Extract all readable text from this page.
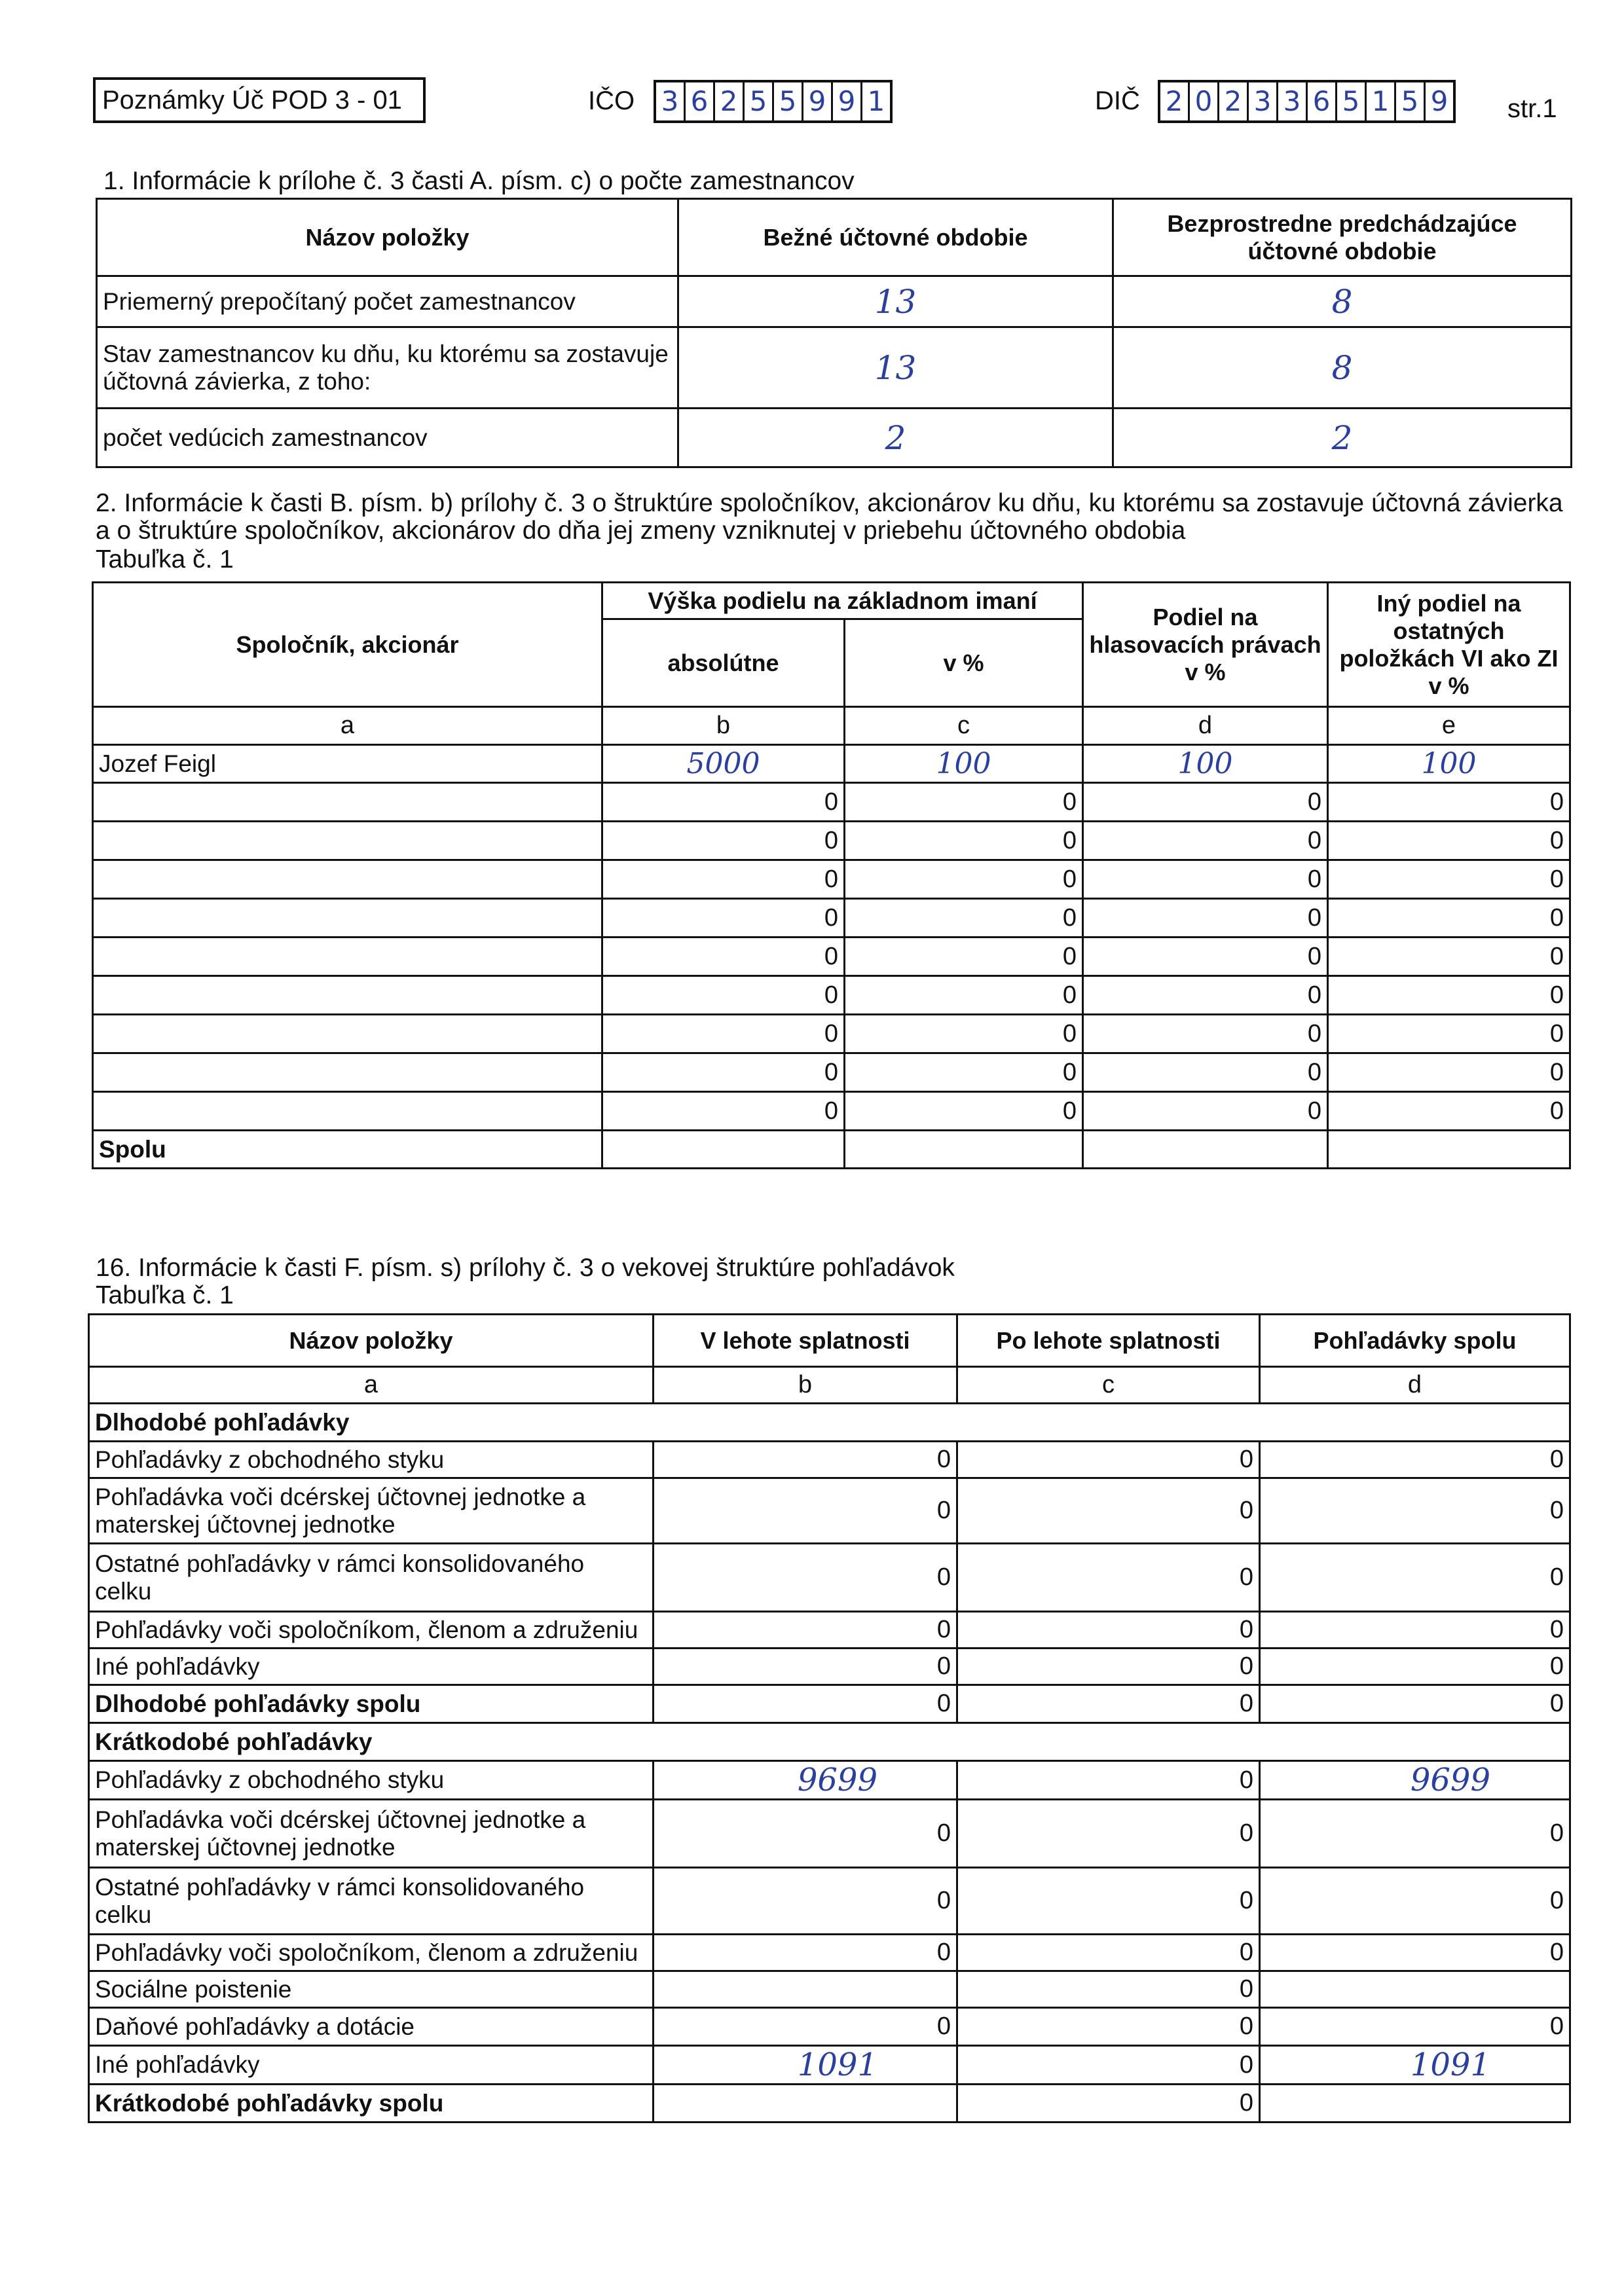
Poznámky Úč POD 3 - 01	IČO 3 6 2 5 5 9 9 1	DIČ 2 0 2 3 3 6 5 1 5 9 str.1
1. Informácie k prílohe č. 3 časti A. písm. c) o počte zamestnancov
Názov položky	Bežné účtovné obdobie	Bezprostredne predchádzajúce účtovné obdobie
Priemerný prepočítaný počet zamestnancov	13	8
Stav zamestnancov ku dňu, ku ktorému sa zostavuje účtovná závierka, z toho:	13	8
počet vedúcich zamestnancov	2	2
2. Informácie k časti B. písm. b) prílohy č. 3 o štruktúre spoločníkov, akcionárov ku dňu, ku ktorému sa zostavuje účtovná závierka a o štruktúre spoločníkov, akcionárov do dňa jej zmeny vzniknutej v priebehu účtovného obdobia
Tabuľka č. 1
Spoločník, akcionár	Výška podielu na základnom imaní		Podiel na hlasovacích právach v %	Iný podiel na ostatných položkách VI ako ZI v %
	absolútne	v %		
a	b	c	d	e
Jozef Feigl	5000	100	100	100
	0	0	0	0
	0	0	0	0
	0	0	0	0
	0	0	0	0
	0	0	0	0
	0	0	0	0
	0	0	0	0
	0	0	0	0
	0	0	0	0
Spolu				
16. Informácie k časti F. písm. s) prílohy č. 3 o vekovej štruktúre pohľadávok
Tabuľka č. 1
Názov položky	V lehote splatnosti	Po lehote splatnosti	Pohľadávky spolu
a	b	c	d
Dlhodobé pohľadávky			
Pohľadávky z obchodného styku	0	0	0
Pohľadávka voči dcérskej účtovnej jednotke a materskej účtovnej jednotke	0	0	0
Ostatné pohľadávky v rámci konsolidovaného celku	0	0	0
Pohľadávky voči spoločníkom, členom a združeniu	0	0	0
Iné pohľadávky	0	0	0
Dlhodobé pohľadávky spolu	0	0	0
Krátkodobé pohľadávky			
Pohľadávky z obchodného styku	9699	0	9699
Pohľadávka voči dcérskej účtovnej jednotke a materskej účtovnej jednotke	0	0	0
Ostatné pohľadávky v rámci konsolidovaného celku	0	0	0
Pohľadávky voči spoločníkom, členom a združeniu	0	0	0
Sociálne poistenie		0	
Daňové pohľadávky a dotácie	0	0	0
Iné pohľadávky	1091	0	1091
Krátkodobé pohľadávky spolu		0	
